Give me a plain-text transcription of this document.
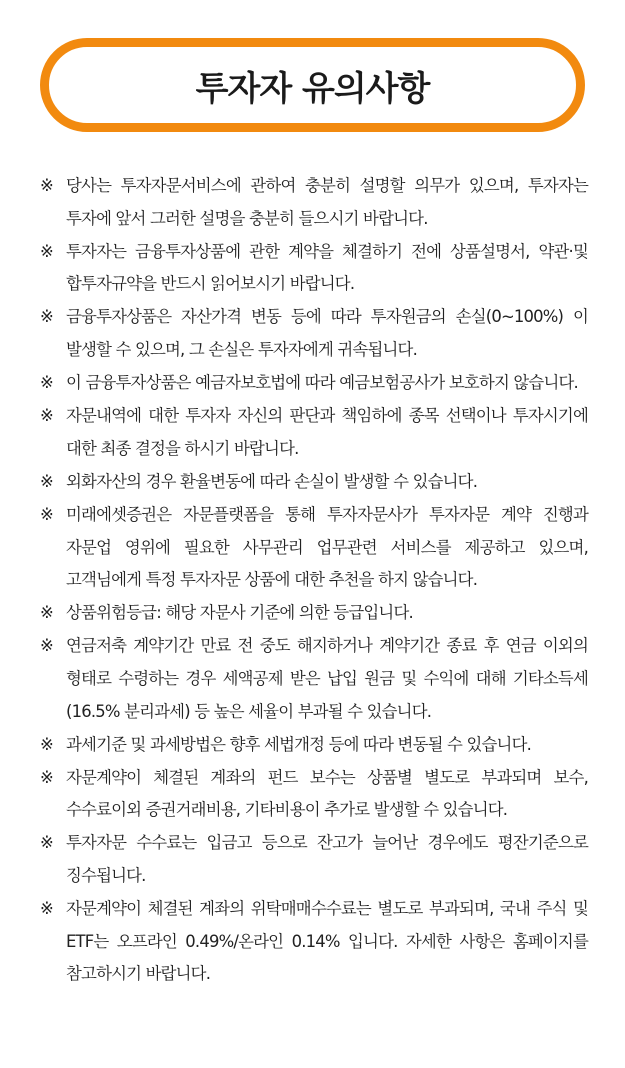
투자자 유의사항
※ 당사는 투자자문서비스에 관하여 충분히 설명할 의무가 있으며, 투자자는 투자에 앞서 그러한 설명을 충분히 들으시기 바랍니다.
※ 투자자는 금융투자상품에 관한 계약을 체결하기 전에 상품설명서, 약관·및 합투자규약을 반드시 읽어보시기 바랍니다.
※ 금융투자상품은 자산가격 변동 등에 따라 투자원금의 손실(0~100%) 이 발생할 수 있으며, 그 손실은 투자자에게 귀속됩니다.
※ 이 금융투자상품은 예금자보호법에 따라 예금보험공사가 보호하지 않습니다.
※ 자문내역에 대한 투자자 자신의 판단과 책임하에 종목 선택이나 투자시기에 대한 최종 결정을 하시기 바랍니다.
※ 외화자산의 경우 환율변동에 따라 손실이 발생할 수 있습니다.
※ 미래에셋증권은 자문플랫폼을 통해 투자자문사가 투자자문 계약 진행과 자문업 영위에 필요한 사무관리 업무관련 서비스를 제공하고 있으며, 고객님에게 특정 투자자문 상품에 대한 추천을 하지 않습니다.
※ 상품위험등급: 해당 자문사 기준에 의한 등급입니다.
※ 연금저축 계약기간 만료 전 중도 해지하거나 계약기간 종료 후 연금 이외의 형태로 수령하는 경우 세액공제 받은 납입 원금 및 수익에 대해 기타소득세(16.5% 분리과세) 등 높은 세율이 부과될 수 있습니다.
※ 과세기준 및 과세방법은 향후 세법개정 등에 따라 변동될 수 있습니다.
※ 자문계약이 체결된 계좌의 펀드 보수는 상품별 별도로 부과되며 보수, 수수료이외 증권거래비용, 기타비용이 추가로 발생할 수 있습니다.
※ 투자자문 수수료는 입금고 등으로 잔고가 늘어난 경우에도 평잔기준으로 징수됩니다.
※ 자문계약이 체결된 계좌의 위탁매매수수료는 별도로 부과되며, 국내 주식 및 ETF는 오프라인 0.49%/온라인 0.14% 입니다. 자세한 사항은 홈페이지를 참고하시기 바랍니다.
